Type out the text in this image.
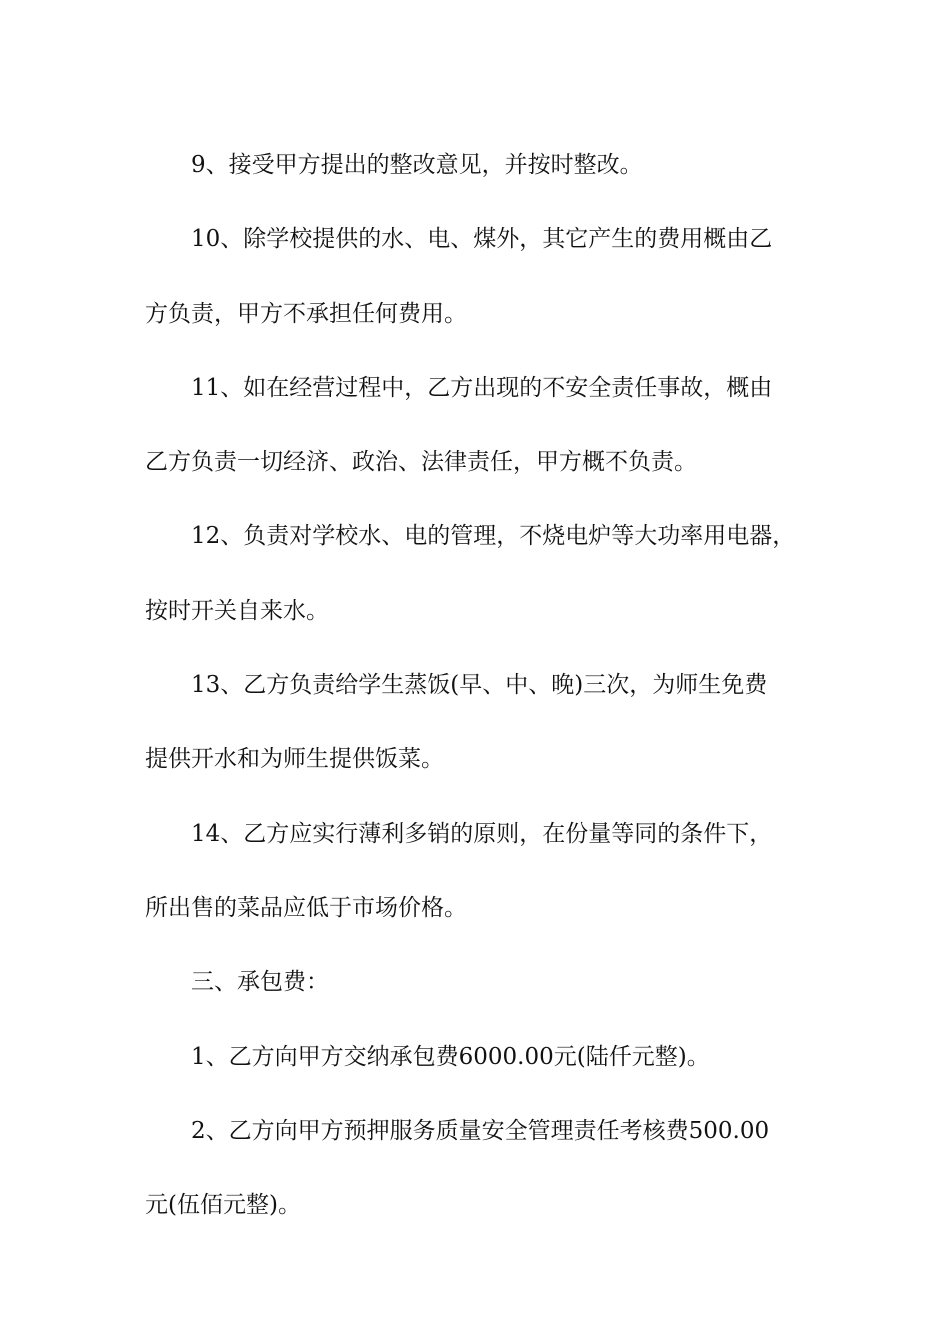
9、接受甲方提出的整改意见，并按时整改。
10、除学校提供的水、电、煤外，其它产生的费用概由乙
方负责，甲方不承担任何费用。
11、如在经营过程中，乙方出现的不安全责任事故，概由
乙方负责一切经济、政治、法律责任，甲方概不负责。
12、负责对学校水、电的管理，不烧电炉等大功率用电器，
按时开关自来水。
13、乙方负责给学生蒸饭(早、中、晚)三次，为师生免费
提供开水和为师生提供饭菜。
14、乙方应实行薄利多销的原则，在份量等同的条件下，
所出售的菜品应低于市场价格。
三、承包费：
1、乙方向甲方交纳承包费6000.00元(陆仟元整)。
2、乙方向甲方预押服务质量安全管理责任考核费500.00
元(伍佰元整)。
